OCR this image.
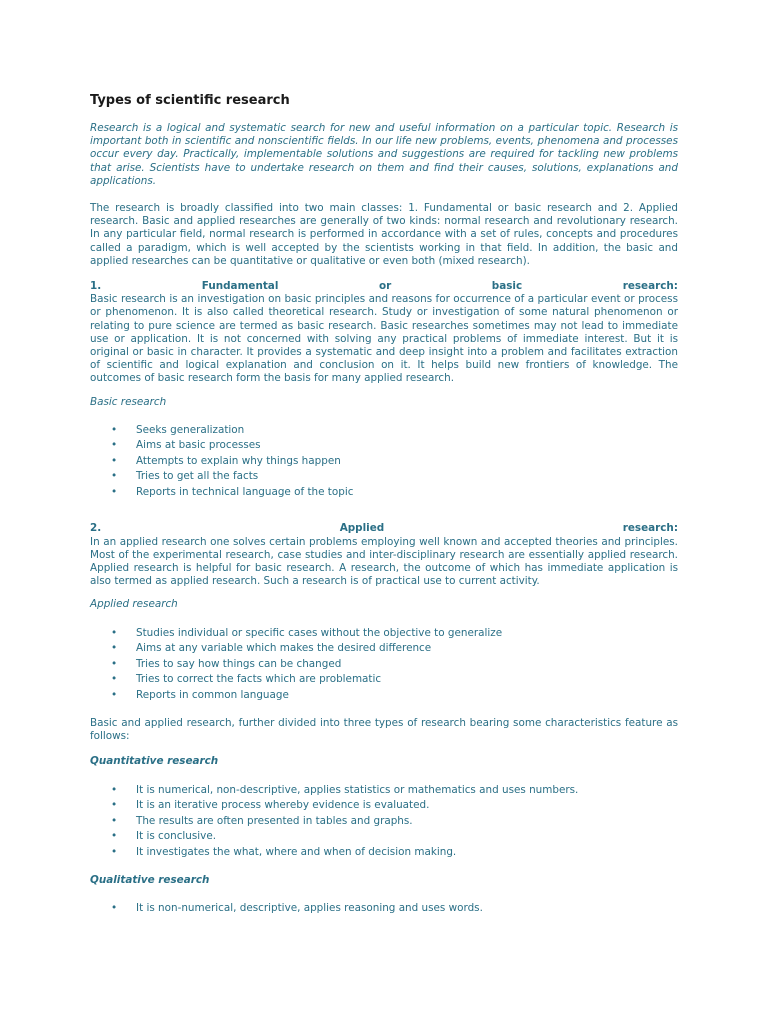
Types of scientific research

Research is a logical and systematic search for new and useful information on a particular topic. Research is important both in scientific and nonscientific fields. In our life new problems, events, phenomena and processes occur every day. Practically, implementable solutions and suggestions are required for tackling new problems that arise. Scientists have to undertake research on them and find their causes, solutions, explanations and applications.

The research is broadly classified into two main classes: 1. Fundamental or basic research and 2. Applied research. Basic and applied researches are generally of two kinds: normal research and revolutionary research. In any particular field, normal research is performed in accordance with a set of rules, concepts and procedures called a paradigm, which is well accepted by the scientists working in that field. In addition, the basic and applied researches can be quantitative or qualitative or even both (mixed research).

1.	Fundamental	or	basic	research:

Basic research is an investigation on basic principles and reasons for occurrence of a particular event or process or phenomenon. It is also called theoretical research. Study or investigation of some natural phenomenon or relating to pure science are termed as basic research. Basic researches sometimes may not lead to immediate use or application. It is not concerned with solving any practical problems of immediate interest. But it is original or basic in character. It provides a systematic and deep insight into a problem and facilitates extraction of scientific and logical explanation and conclusion on it. It helps build new frontiers of knowledge. The outcomes of basic research form the basis for many applied research.

Basic research
• Seeks generalization
• Aims at basic processes
• Attempts to explain why things happen
• Tries to get all the facts
• Reports in technical language of the topic
2.	Applied	research:

In an applied research one solves certain problems employing well known and accepted theories and principles. Most of the experimental research, case studies and inter-disciplinary research are essentially applied research. Applied research is helpful for basic research. A research, the outcome of which has immediate application is also termed as applied research. Such a research is of practical use to current activity.

Applied research
• Studies individual or specific cases without the objective to generalize
• Aims at any variable which makes the desired difference
• Tries to say how things can be changed
• Tries to correct the facts which are problematic
• Reports in common language

Basic and applied research, further divided into three types of research bearing some characteristics feature as follows:

Quantitative research
• It is numerical, non-descriptive, applies statistics or mathematics and uses numbers.
• It is an iterative process whereby evidence is evaluated.
• The results are often presented in tables and graphs.
• It is conclusive.
• It investigates the what, where and when of decision making.
Qualitative research
• It is non-numerical, descriptive, applies reasoning and uses words.
